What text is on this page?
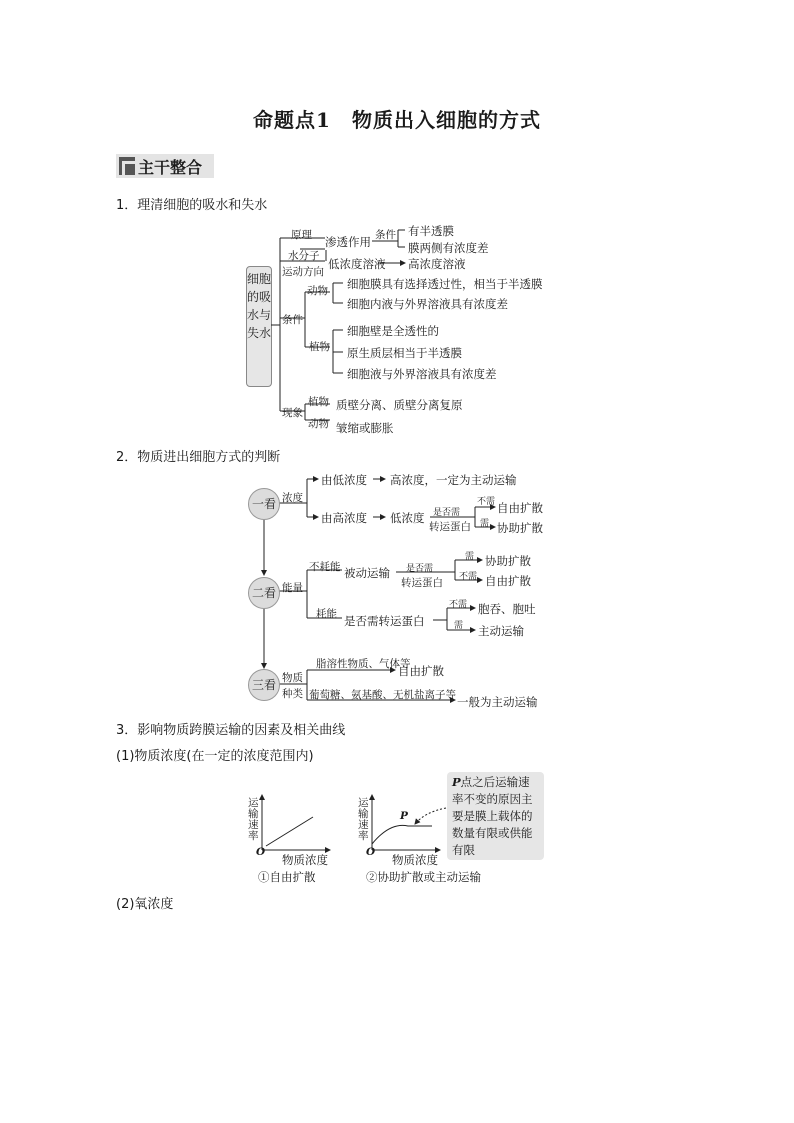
命题点1　物质出入细胞的方式
主干整合
1．理清细胞的吸水和失水
细胞的吸水与失水
原理 渗透作用 条件 有半透膜
膜两侧有浓度差
水分子
运动方向
低浓度溶液 高浓度溶液
条件
动物 细胞膜具有选择透过性，相当于半透膜
细胞内液与外界溶液具有浓度差
植物
细胞壁是全透性的
原生质层相当于半透膜
细胞液与外界溶液具有浓度差
现象
植物 质壁分离、质壁分离复原
动物 皱缩或膨胀
2．物质进出细胞方式的判断
一看
二看
三看
浓度
由低浓度 高浓度，一定为主动运输
由高浓度 低浓度 是否需
转运蛋白
不需 自由扩散
需 协助扩散
能量
不耗能 被动运输 是否需
转运蛋白
需 协助扩散
不需 自由扩散
耗能 是否需转运蛋白
不需 胞吞、胞吐
需 主动运输
物质
种类
脂溶性物质、气体等
自由扩散
葡萄糖、氨基酸、无机盐离子等 一般为主动运输
3．影响物质跨膜运输的因素及相关曲线
(1)物质浓度(在一定的浓度范围内)
运输速率
O
物质浓度
①自由扩散
运输速率
O
物质浓度
P
②协助扩散或主动运输
P点之后运输速率不变的原因主要是膜上载体的数量有限或供能有限
(2)氧浓度
